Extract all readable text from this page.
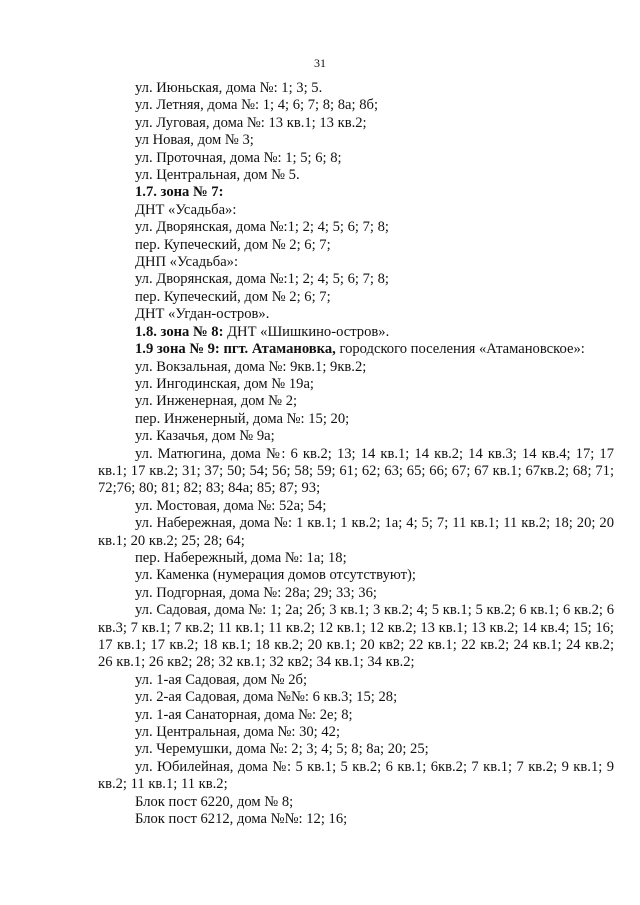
31

ул. Июньская, дома №: 1; 3; 5.

ул. Летняя, дома №: 1; 4; 6; 7; 8; 8а; 8б;

ул. Луговая, дома №: 13 кв.1; 13 кв.2;

ул Новая, дом № 3;

ул. Проточная, дома №: 1; 5; 6; 8;

ул. Центральная, дом № 5.

1.7. зона № 7:

ДНТ «Усадьба»:

ул. Дворянская, дома №:1; 2; 4; 5; 6; 7; 8;

пер. Купеческий, дом № 2; 6; 7;

ДНП «Усадьба»:

ул. Дворянская, дома №:1; 2; 4; 5; 6; 7; 8;

пер. Купеческий, дом № 2; 6; 7;

ДНТ «Угдан-остров».

1.8. зона № 8: ДНТ «Шишкино-остров».

1.9 зона № 9: пгт. Атамановка, городского поселения «Атамановское»:

ул. Вокзальная, дома №: 9кв.1; 9кв.2;

ул. Ингодинская, дом № 19а;

ул. Инженерная, дом № 2;

пер. Инженерный, дома №: 15; 20;

ул. Казачья, дом № 9а;

ул. Матюгина, дома №: 6 кв.2; 13; 14 кв.1; 14 кв.2; 14 кв.3; 14 кв.4; 17; 17 кв.1; 17 кв.2; 31; 37; 50; 54; 56; 58; 59; 61; 62; 63; 65; 66; 67; 67 кв.1; 67кв.2; 68; 71; 72;76; 80; 81; 82; 83; 84а; 85; 87; 93;

ул. Мостовая, дома №: 52а; 54;

ул. Набережная, дома №: 1 кв.1; 1 кв.2; 1а; 4; 5; 7; 11 кв.1; 11 кв.2; 18; 20; 20 кв.1; 20 кв.2; 25; 28; 64;

пер. Набережный, дома №: 1а; 18;

ул. Каменка (нумерация домов отсутствуют);

ул. Подгорная, дома №: 28а; 29; 33; 36;

ул. Садовая, дома №: 1; 2а; 2б; 3 кв.1; 3 кв.2; 4; 5 кв.1; 5 кв.2; 6 кв.1; 6 кв.2; 6 кв.3; 7 кв.1; 7 кв.2; 11 кв.1; 11 кв.2; 12 кв.1; 12 кв.2; 13 кв.1; 13 кв.2; 14 кв.4; 15; 16; 17 кв.1; 17 кв.2; 18 кв.1; 18 кв.2; 20 кв.1; 20 кв2; 22 кв.1; 22 кв.2; 24 кв.1; 24 кв.2; 26 кв.1; 26 кв2; 28; 32 кв.1; 32 кв2; 34 кв.1; 34 кв.2;

ул. 1-ая Садовая, дом № 2б;

ул. 2-ая Садовая, дома №№: 6 кв.3; 15; 28;

ул. 1-ая Санаторная, дома №: 2е; 8;

ул. Центральная, дома №: 30; 42;

ул. Черемушки, дома №: 2; 3; 4; 5; 8; 8а; 20; 25;

ул. Юбилейная, дома №: 5 кв.1; 5 кв.2; 6 кв.1; 6кв.2; 7 кв.1; 7 кв.2; 9 кв.1; 9 кв.2; 11 кв.1; 11 кв.2;

Блок пост 6220, дом № 8;

Блок пост 6212, дома №№: 12; 16;
